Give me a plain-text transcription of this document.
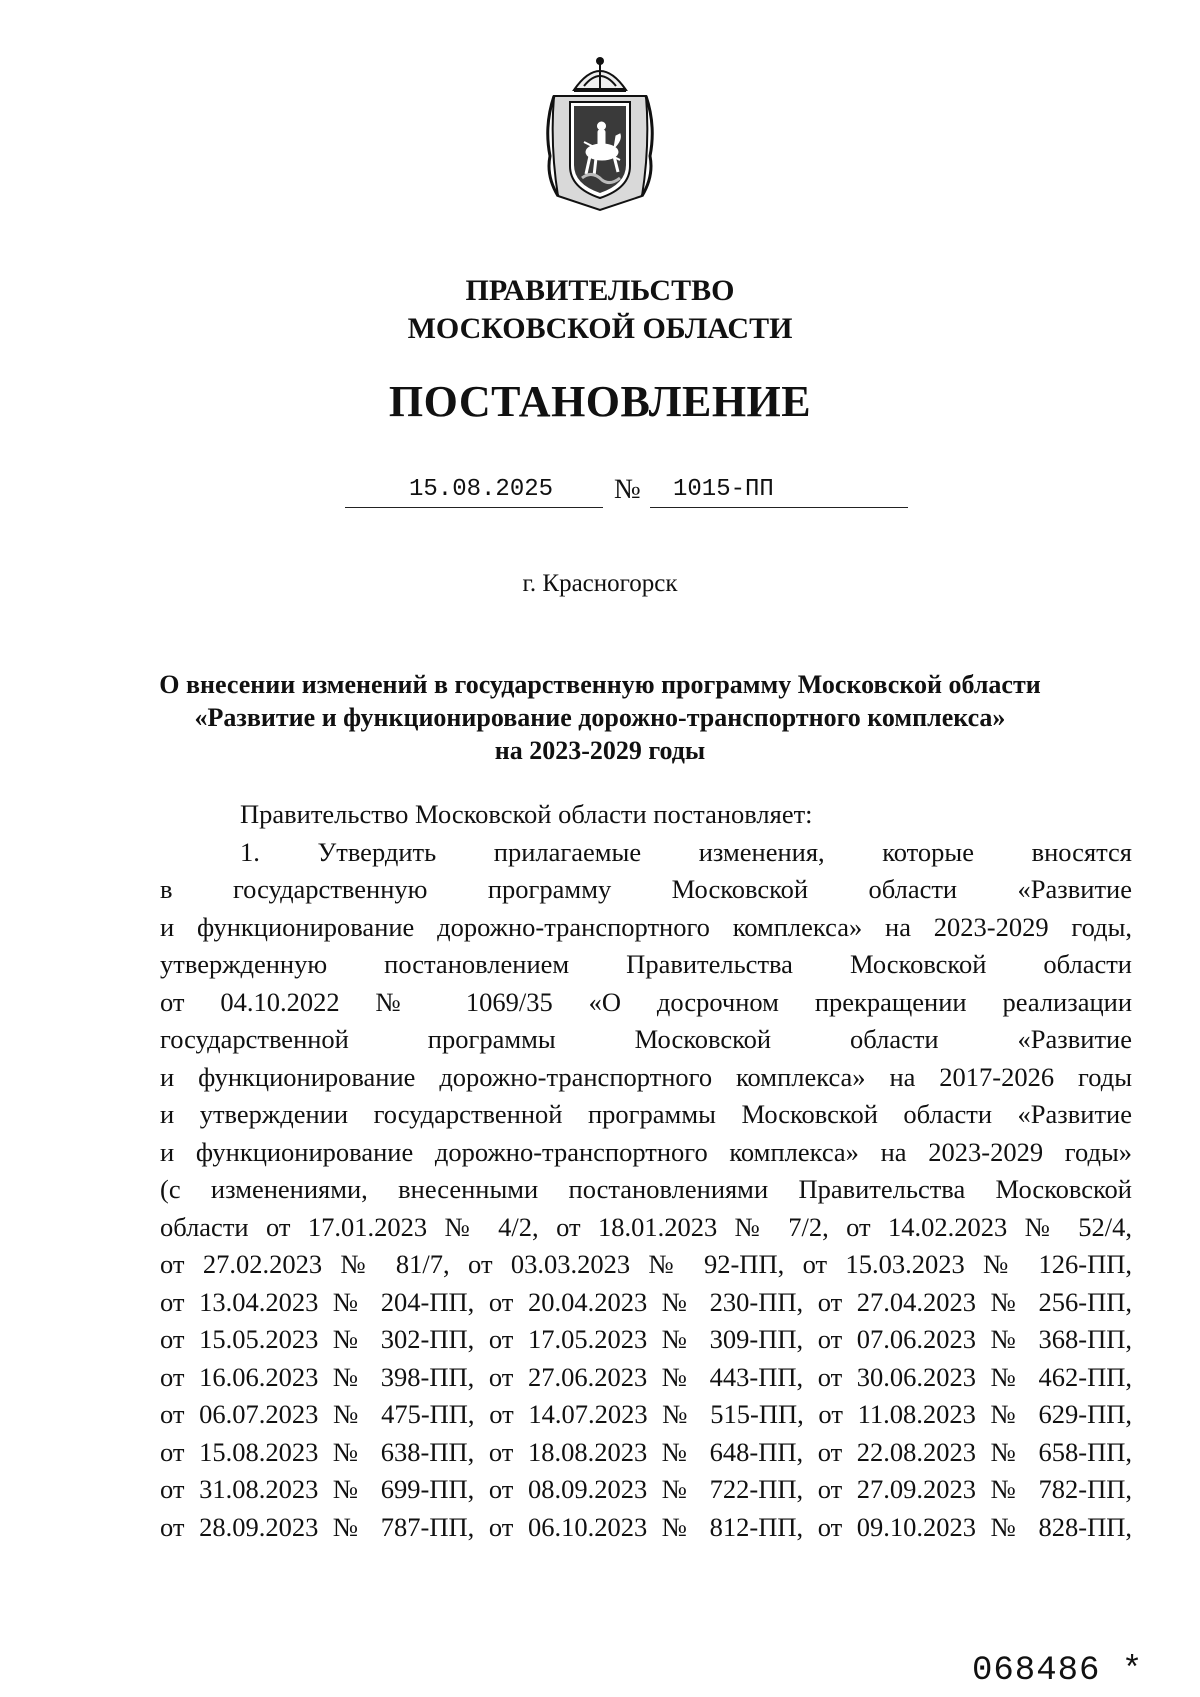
ПРАВИТЕЛЬСТВО
МОСКОВСКОЙ ОБЛАСТИ
ПОСТАНОВЛЕНИЕ
15.08.2025 № 1015-ПП
г. Красногорск
О внесении изменений в государственную программу Московской области
«Развитие и функционирование дорожно-транспортного комплекса»
на 2023-2029 годы
Правительство Московской области постановляет:
1. Утвердить прилагаемые изменения, которые вносятся
в государственную программу Московской области «Развитие
и функционирование дорожно-транспортного комплекса» на 2023-2029 годы,
утвержденную постановлением Правительства Московской области
от 04.10.2022 № 1069/35 «О досрочном прекращении реализации
государственной программы Московской области «Развитие
и функционирование дорожно-транспортного комплекса» на 2017-2026 годы
и утверждении государственной программы Московской области «Развитие
и функционирование дорожно-транспортного комплекса» на 2023-2029 годы»
(с изменениями, внесенными постановлениями Правительства Московской
области от 17.01.2023 № 4/2, от 18.01.2023 № 7/2, от 14.02.2023 № 52/4,
от 27.02.2023 № 81/7, от 03.03.2023 № 92-ПП, от 15.03.2023 № 126-ПП,
от 13.04.2023 № 204-ПП, от 20.04.2023 № 230-ПП, от 27.04.2023 № 256-ПП,
от 15.05.2023 № 302-ПП, от 17.05.2023 № 309-ПП, от 07.06.2023 № 368-ПП,
от 16.06.2023 № 398-ПП, от 27.06.2023 № 443-ПП, от 30.06.2023 № 462-ПП,
от 06.07.2023 № 475-ПП, от 14.07.2023 № 515-ПП, от 11.08.2023 № 629-ПП,
от 15.08.2023 № 638-ПП, от 18.08.2023 № 648-ПП, от 22.08.2023 № 658-ПП,
от 31.08.2023 № 699-ПП, от 08.09.2023 № 722-ПП, от 27.09.2023 № 782-ПП,
от 28.09.2023 № 787-ПП, от 06.10.2023 № 812-ПП, от 09.10.2023 № 828-ПП,
068486 *
